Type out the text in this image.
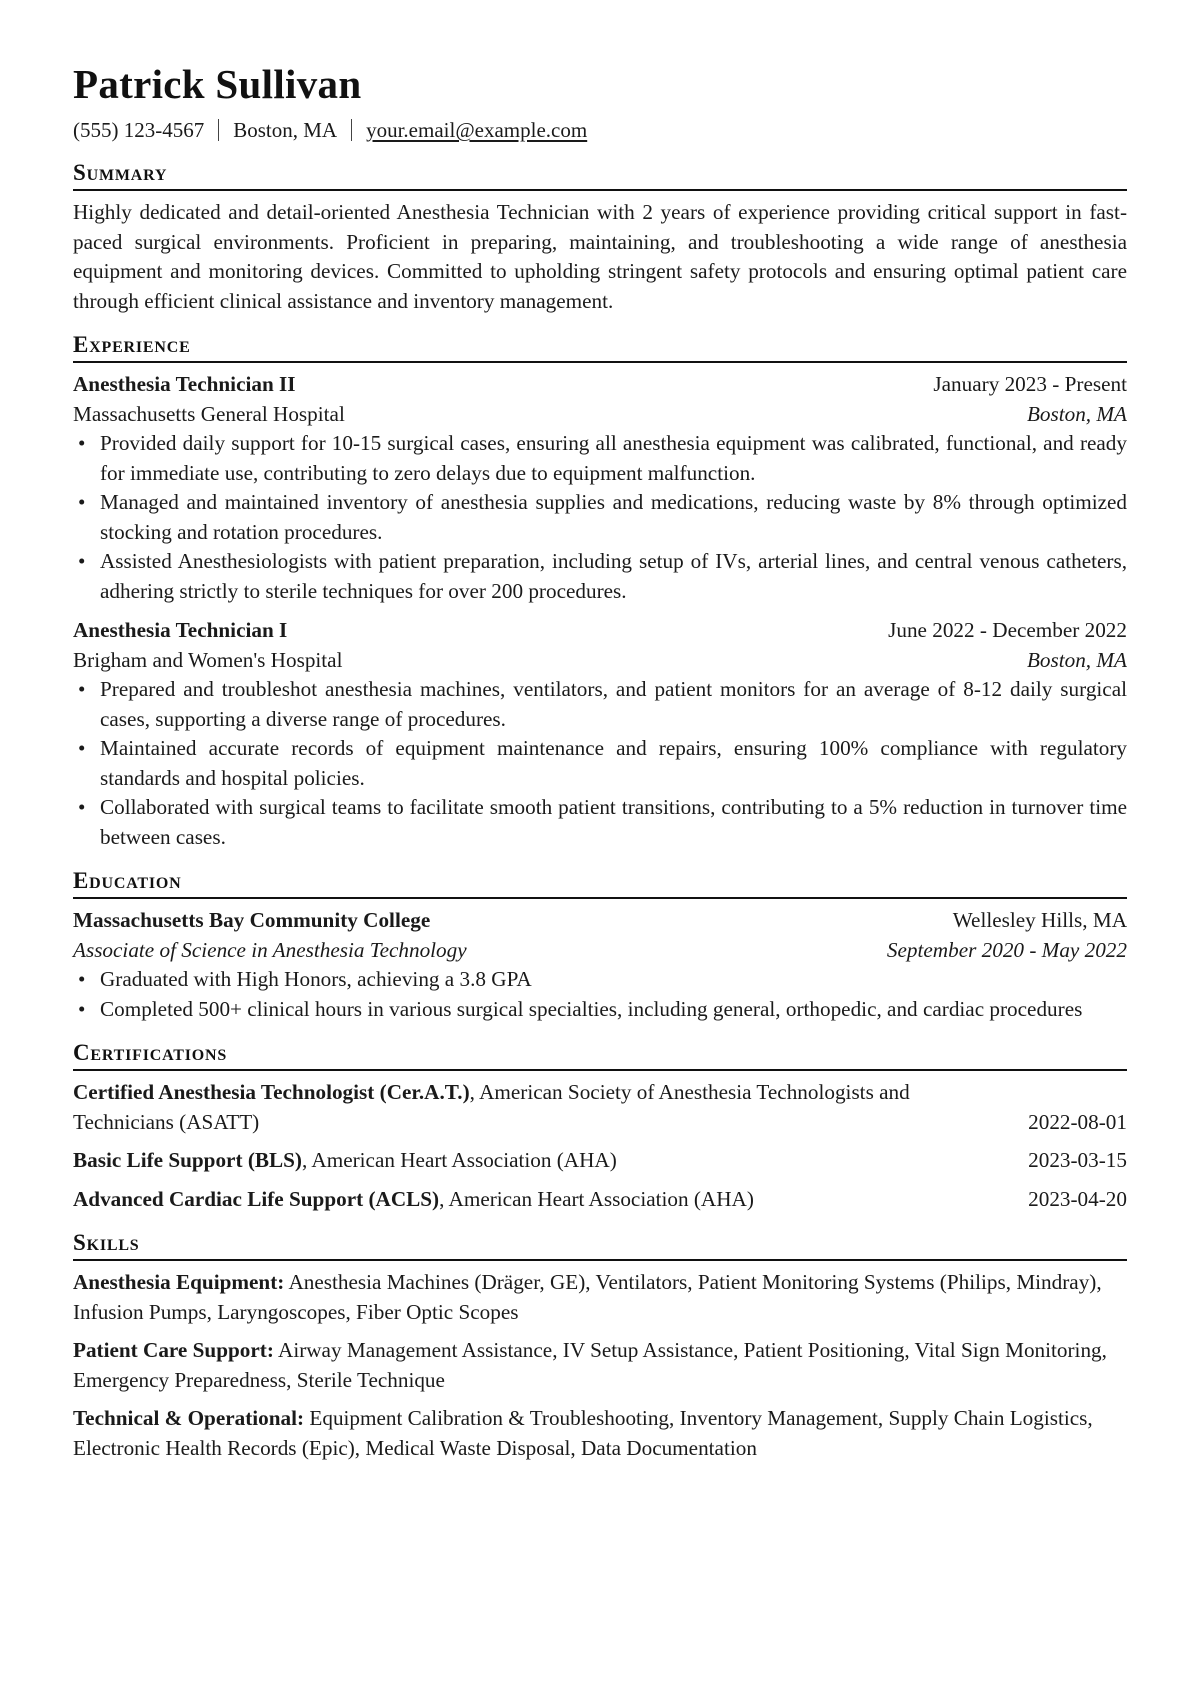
Patrick Sullivan
(555) 123-4567 Boston, MA your.email@example.com
Summary

Highly dedicated and detail-oriented Anesthesia Technician with 2 years of experience providing critical support in fast-paced surgical environments. Proficient in preparing, maintaining, and troubleshooting a wide range of anesthesia equipment and monitoring devices. Committed to upholding stringent safety protocols and ensuring optimal patient care through efficient clinical assistance and inventory management.

Experience
Anesthesia Technician II	January 2023 - Present
Massachusetts General Hospital	Boston, MA
• Provided daily support for 10-15 surgical cases, ensuring all anesthesia equipment was calibrated, functional, and ready for immediate use, contributing to zero delays due to equipment malfunction.
• Managed and maintained inventory of anesthesia supplies and medications, reducing waste by 8% through optimized stocking and rotation procedures.
• Assisted Anesthesiologists with patient preparation, including setup of IVs, arterial lines, and central venous catheters, adhering strictly to sterile techniques for over 200 procedures.
Anesthesia Technician I	June 2022 - December 2022
Brigham and Women's Hospital	Boston, MA
• Prepared and troubleshot anesthesia machines, ventilators, and patient monitors for an average of 8-12 daily surgical cases, supporting a diverse range of procedures.
• Maintained accurate records of equipment maintenance and repairs, ensuring 100% compliance with regulatory standards and hospital policies.
• Collaborated with surgical teams to facilitate smooth patient transitions, contributing to a 5% reduction in turnover time between cases.
Education
Massachusetts Bay Community College	Wellesley Hills, MA
Associate of Science in Anesthesia Technology	September 2020 - May 2022
• Graduated with High Honors, achieving a 3.8 GPA
• Completed 500+ clinical hours in various surgical specialties, including general, orthopedic, and cardiac procedures
Certifications
Certified Anesthesia Technologist (Cer.A.T.), American Society of Anesthesia Technologists and
Technicians (ASATT)	2022-08-01
Basic Life Support (BLS), American Heart Association (AHA)	2023-03-15
Advanced Cardiac Life Support (ACLS), American Heart Association (AHA)	2023-04-20
Skills

Anesthesia Equipment: Anesthesia Machines (Dräger, GE), Ventilators, Patient Monitoring Systems (Philips, Mindray), Infusion Pumps, Laryngoscopes, Fiber Optic Scopes

Patient Care Support: Airway Management Assistance, IV Setup Assistance, Patient Positioning, Vital Sign Monitoring, Emergency Preparedness, Sterile Technique

Technical & Operational: Equipment Calibration & Troubleshooting, Inventory Management, Supply Chain Logistics, Electronic Health Records (Epic), Medical Waste Disposal, Data Documentation
